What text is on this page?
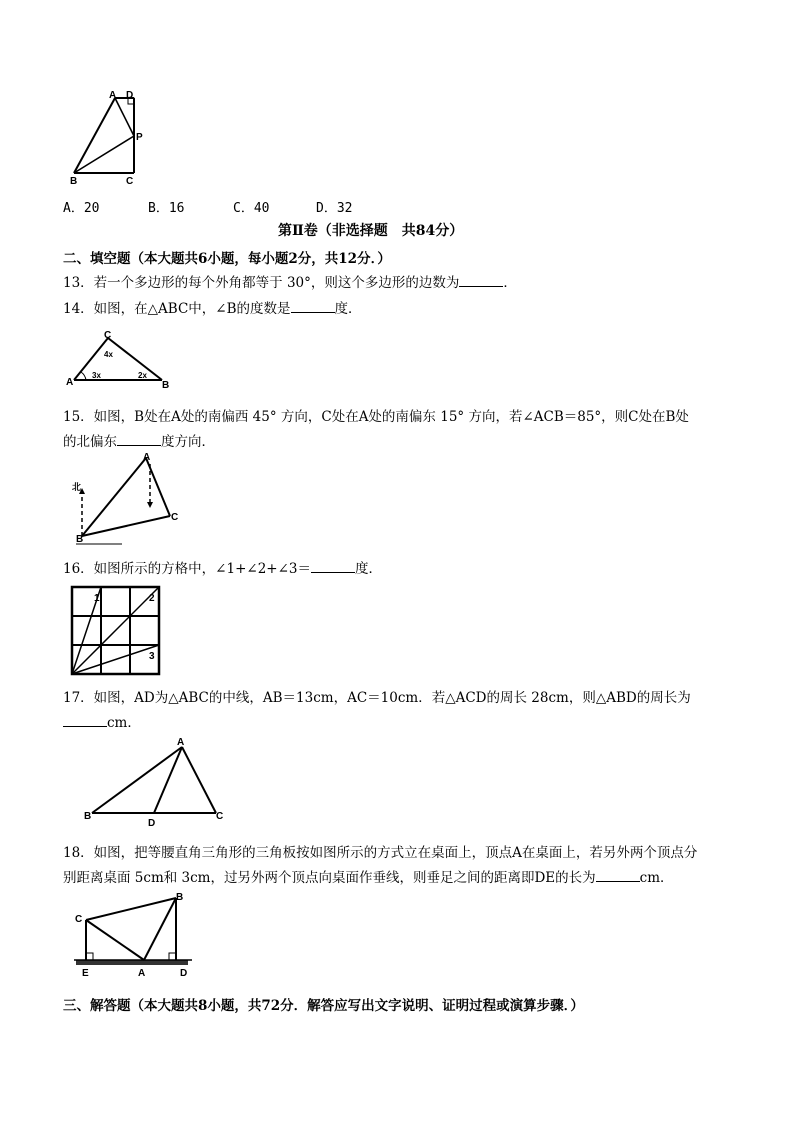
A D
P
B	C
A．20	B．16	C．40	D．32
第Ⅱ卷（非选择题　共84分）
二、填空题（本大题共6小题，每小题2分，共12分．）
13．若一个多边形的每个外角都等于 30°，则这个多边形的边数为	．
14．如图，在△ABC中，∠B的度数是	度．
C
A	B
4x
3x	2x
15．如图，B处在A处的南偏西 45° 方向，C处在A处的南偏东 15° 方向，若∠ACB＝85°，则C处在B处
的北偏东	度方向．
A
C
B
北
16．如图所示的方格中，∠1+∠2+∠3＝	度．
1	2
3
17．如图，AD为△ABC的中线，AB＝13cm，AC＝10cm．若△ACD的周长 28cm，则△ABD的周长为
cm．
A
B	C
D
18．如图，把等腰直角三角形的三角板按如图所示的方式立在桌面上，顶点A在桌面上，若另外两个顶点分
别距离桌面 5cm和 3cm，过另外两个顶点向桌面作垂线，则垂足之间的距离即DE的长为	cm．
C
B
E	A	D
三、解答题（本大题共8小题，共72分．解答应写出文字说明、证明过程或演算步骤．）
